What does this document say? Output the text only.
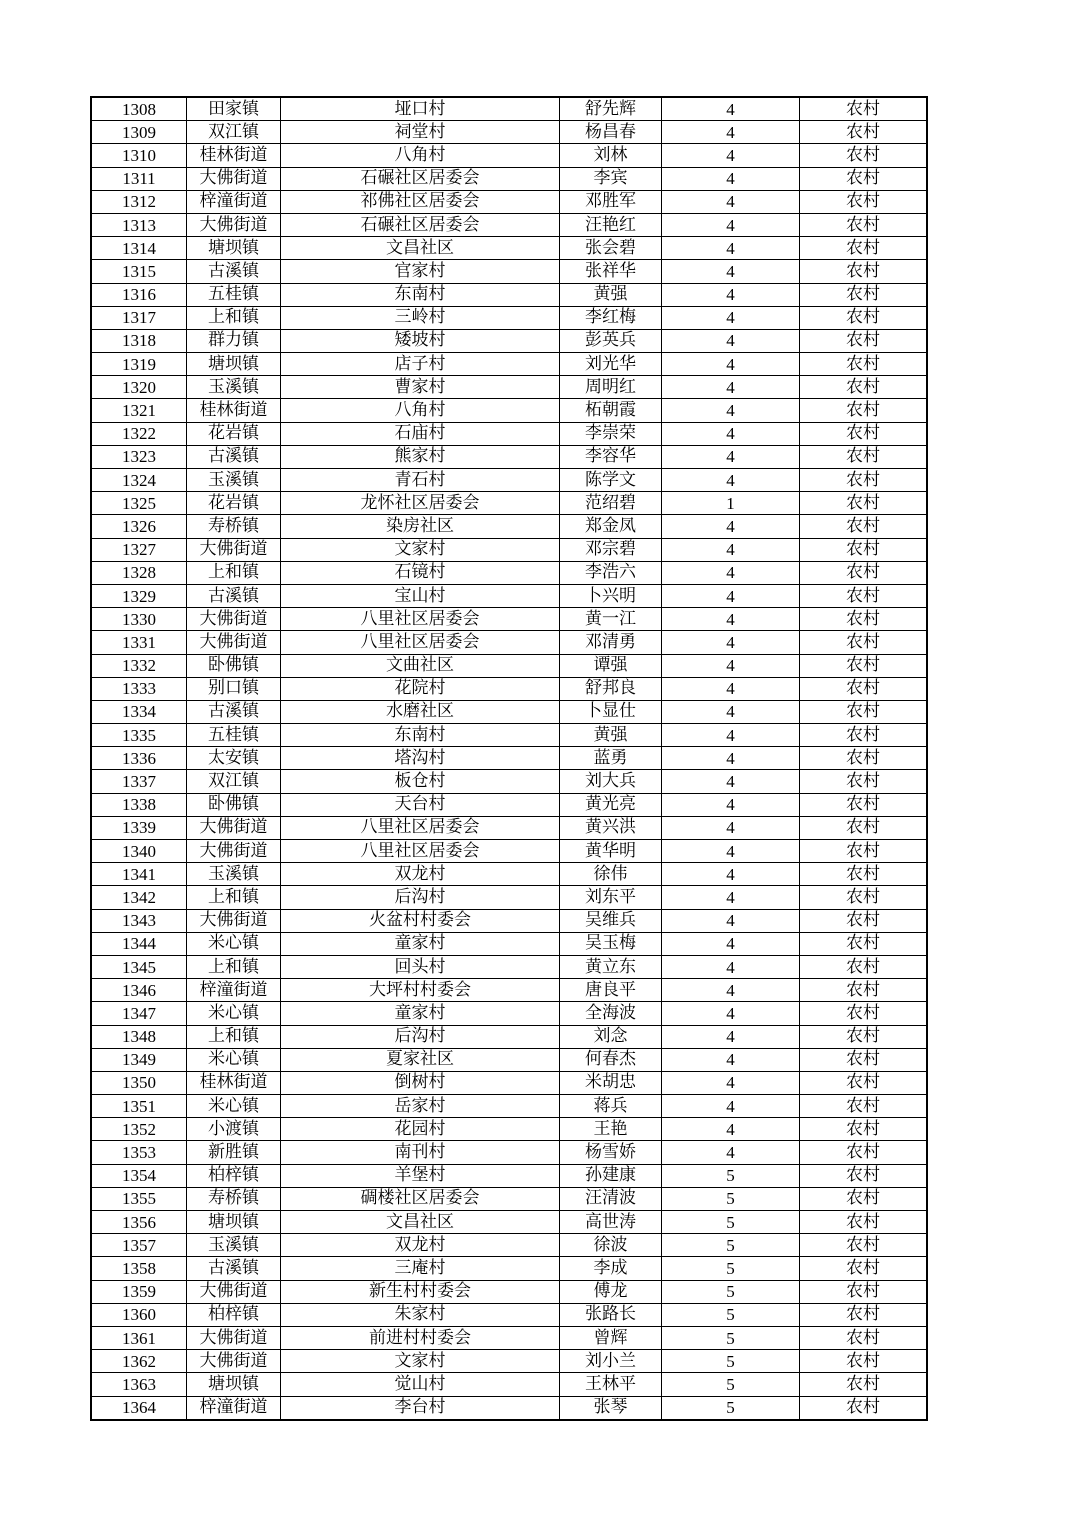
1308	田家镇	垭口村	舒先辉	4	农村
1309	双江镇	祠堂村	杨昌春	4	农村
1310	桂林街道	八角村	刘林	4	农村
1311	大佛街道	石碾社区居委会	李宾	4	农村
1312	梓潼街道	祁佛社区居委会	邓胜军	4	农村
1313	大佛街道	石碾社区居委会	汪艳红	4	农村
1314	塘坝镇	文昌社区	张会碧	4	农村
1315	古溪镇	官家村	张祥华	4	农村
1316	五桂镇	东南村	黄强	4	农村
1317	上和镇	三岭村	李红梅	4	农村
1318	群力镇	矮坡村	彭英兵	4	农村
1319	塘坝镇	店子村	刘光华	4	农村
1320	玉溪镇	曹家村	周明红	4	农村
1321	桂林街道	八角村	柘朝霞	4	农村
1322	花岩镇	石庙村	李崇荣	4	农村
1323	古溪镇	熊家村	李容华	4	农村
1324	玉溪镇	青石村	陈学文	4	农村
1325	花岩镇	龙怀社区居委会	范绍碧	1	农村
1326	寿桥镇	染房社区	郑金凤	4	农村
1327	大佛街道	文家村	邓宗碧	4	农村
1328	上和镇	石镜村	李浩六	4	农村
1329	古溪镇	宝山村	卜兴明	4	农村
1330	大佛街道	八里社区居委会	黄一江	4	农村
1331	大佛街道	八里社区居委会	邓清勇	4	农村
1332	卧佛镇	文曲社区	谭强	4	农村
1333	别口镇	花院村	舒邦良	4	农村
1334	古溪镇	水磨社区	卜显仕	4	农村
1335	五桂镇	东南村	黄强	4	农村
1336	太安镇	塔沟村	蓝勇	4	农村
1337	双江镇	板仓村	刘大兵	4	农村
1338	卧佛镇	天台村	黄光亮	4	农村
1339	大佛街道	八里社区居委会	黄兴洪	4	农村
1340	大佛街道	八里社区居委会	黄华明	4	农村
1341	玉溪镇	双龙村	徐伟	4	农村
1342	上和镇	后沟村	刘东平	4	农村
1343	大佛街道	火盆村村委会	吴维兵	4	农村
1344	米心镇	童家村	吴玉梅	4	农村
1345	上和镇	回头村	黄立东	4	农村
1346	梓潼街道	大坪村村委会	唐良平	4	农村
1347	米心镇	童家村	全海波	4	农村
1348	上和镇	后沟村	刘念	4	农村
1349	米心镇	夏家社区	何春杰	4	农村
1350	桂林街道	倒树村	米胡忠	4	农村
1351	米心镇	岳家村	蒋兵	4	农村
1352	小渡镇	花园村	王艳	4	农村
1353	新胜镇	南刊村	杨雪娇	4	农村
1354	柏梓镇	羊堡村	孙建康	5	农村
1355	寿桥镇	碉楼社区居委会	汪清波	5	农村
1356	塘坝镇	文昌社区	高世涛	5	农村
1357	玉溪镇	双龙村	徐波	5	农村
1358	古溪镇	三庵村	李成	5	农村
1359	大佛街道	新生村村委会	傅龙	5	农村
1360	柏梓镇	朱家村	张路长	5	农村
1361	大佛街道	前进村村委会	曾辉	5	农村
1362	大佛街道	文家村	刘小兰	5	农村
1363	塘坝镇	觉山村	王林平	5	农村
1364	梓潼街道	李台村	张琴	5	农村
